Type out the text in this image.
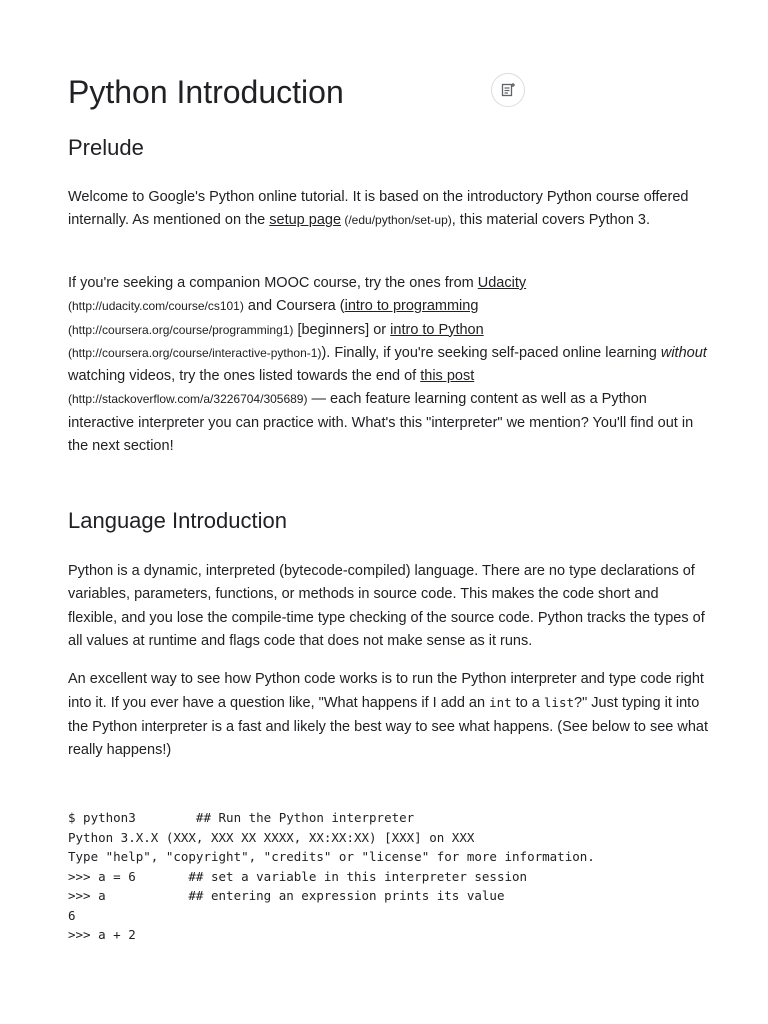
Python Introduction
Prelude

Welcome to Google's Python online tutorial. It is based on the introductory Python course offered internally. As mentioned on the setup page (/edu/python/set-up), this material covers Python 3.

If you're seeking a companion MOOC course, try the ones from Udacity
(http://udacity.com/course/cs101) and Coursera (intro to programming
(http://coursera.org/course/programming1) [beginners] or intro to Python
(http://coursera.org/course/interactive-python-1)). Finally, if you're seeking self-paced online learning without watching videos, try the ones listed towards the end of this post
(http://stackoverflow.com/a/3226704/305689) — each feature learning content as well as a Python interactive interpreter you can practice with. What's this "interpreter" we mention? You'll find out in the next section!

Language Introduction

Python is a dynamic, interpreted (bytecode-compiled) language. There are no type declarations of variables, parameters, functions, or methods in source code. This makes the code short and flexible, and you lose the compile-time type checking of the source code. Python tracks the types of all values at runtime and flags code that does not make sense as it runs.

An excellent way to see how Python code works is to run the Python interpreter and type code right into it. If you ever have a question like, "What happens if I add an int to a list?" Just typing it into the Python interpreter is a fast and likely the best way to see what happens. (See below to see what really happens!)

$ python3        ## Run the Python interpreter
Python 3.X.X (XXX, XXX XX XXXX, XX:XX:XX) [XXX] on XXX
Type "help", "copyright", "credits" or "license" for more information.
>>> a = 6       ## set a variable in this interpreter session
>>> a           ## entering an expression prints its value
6
>>> a + 2
